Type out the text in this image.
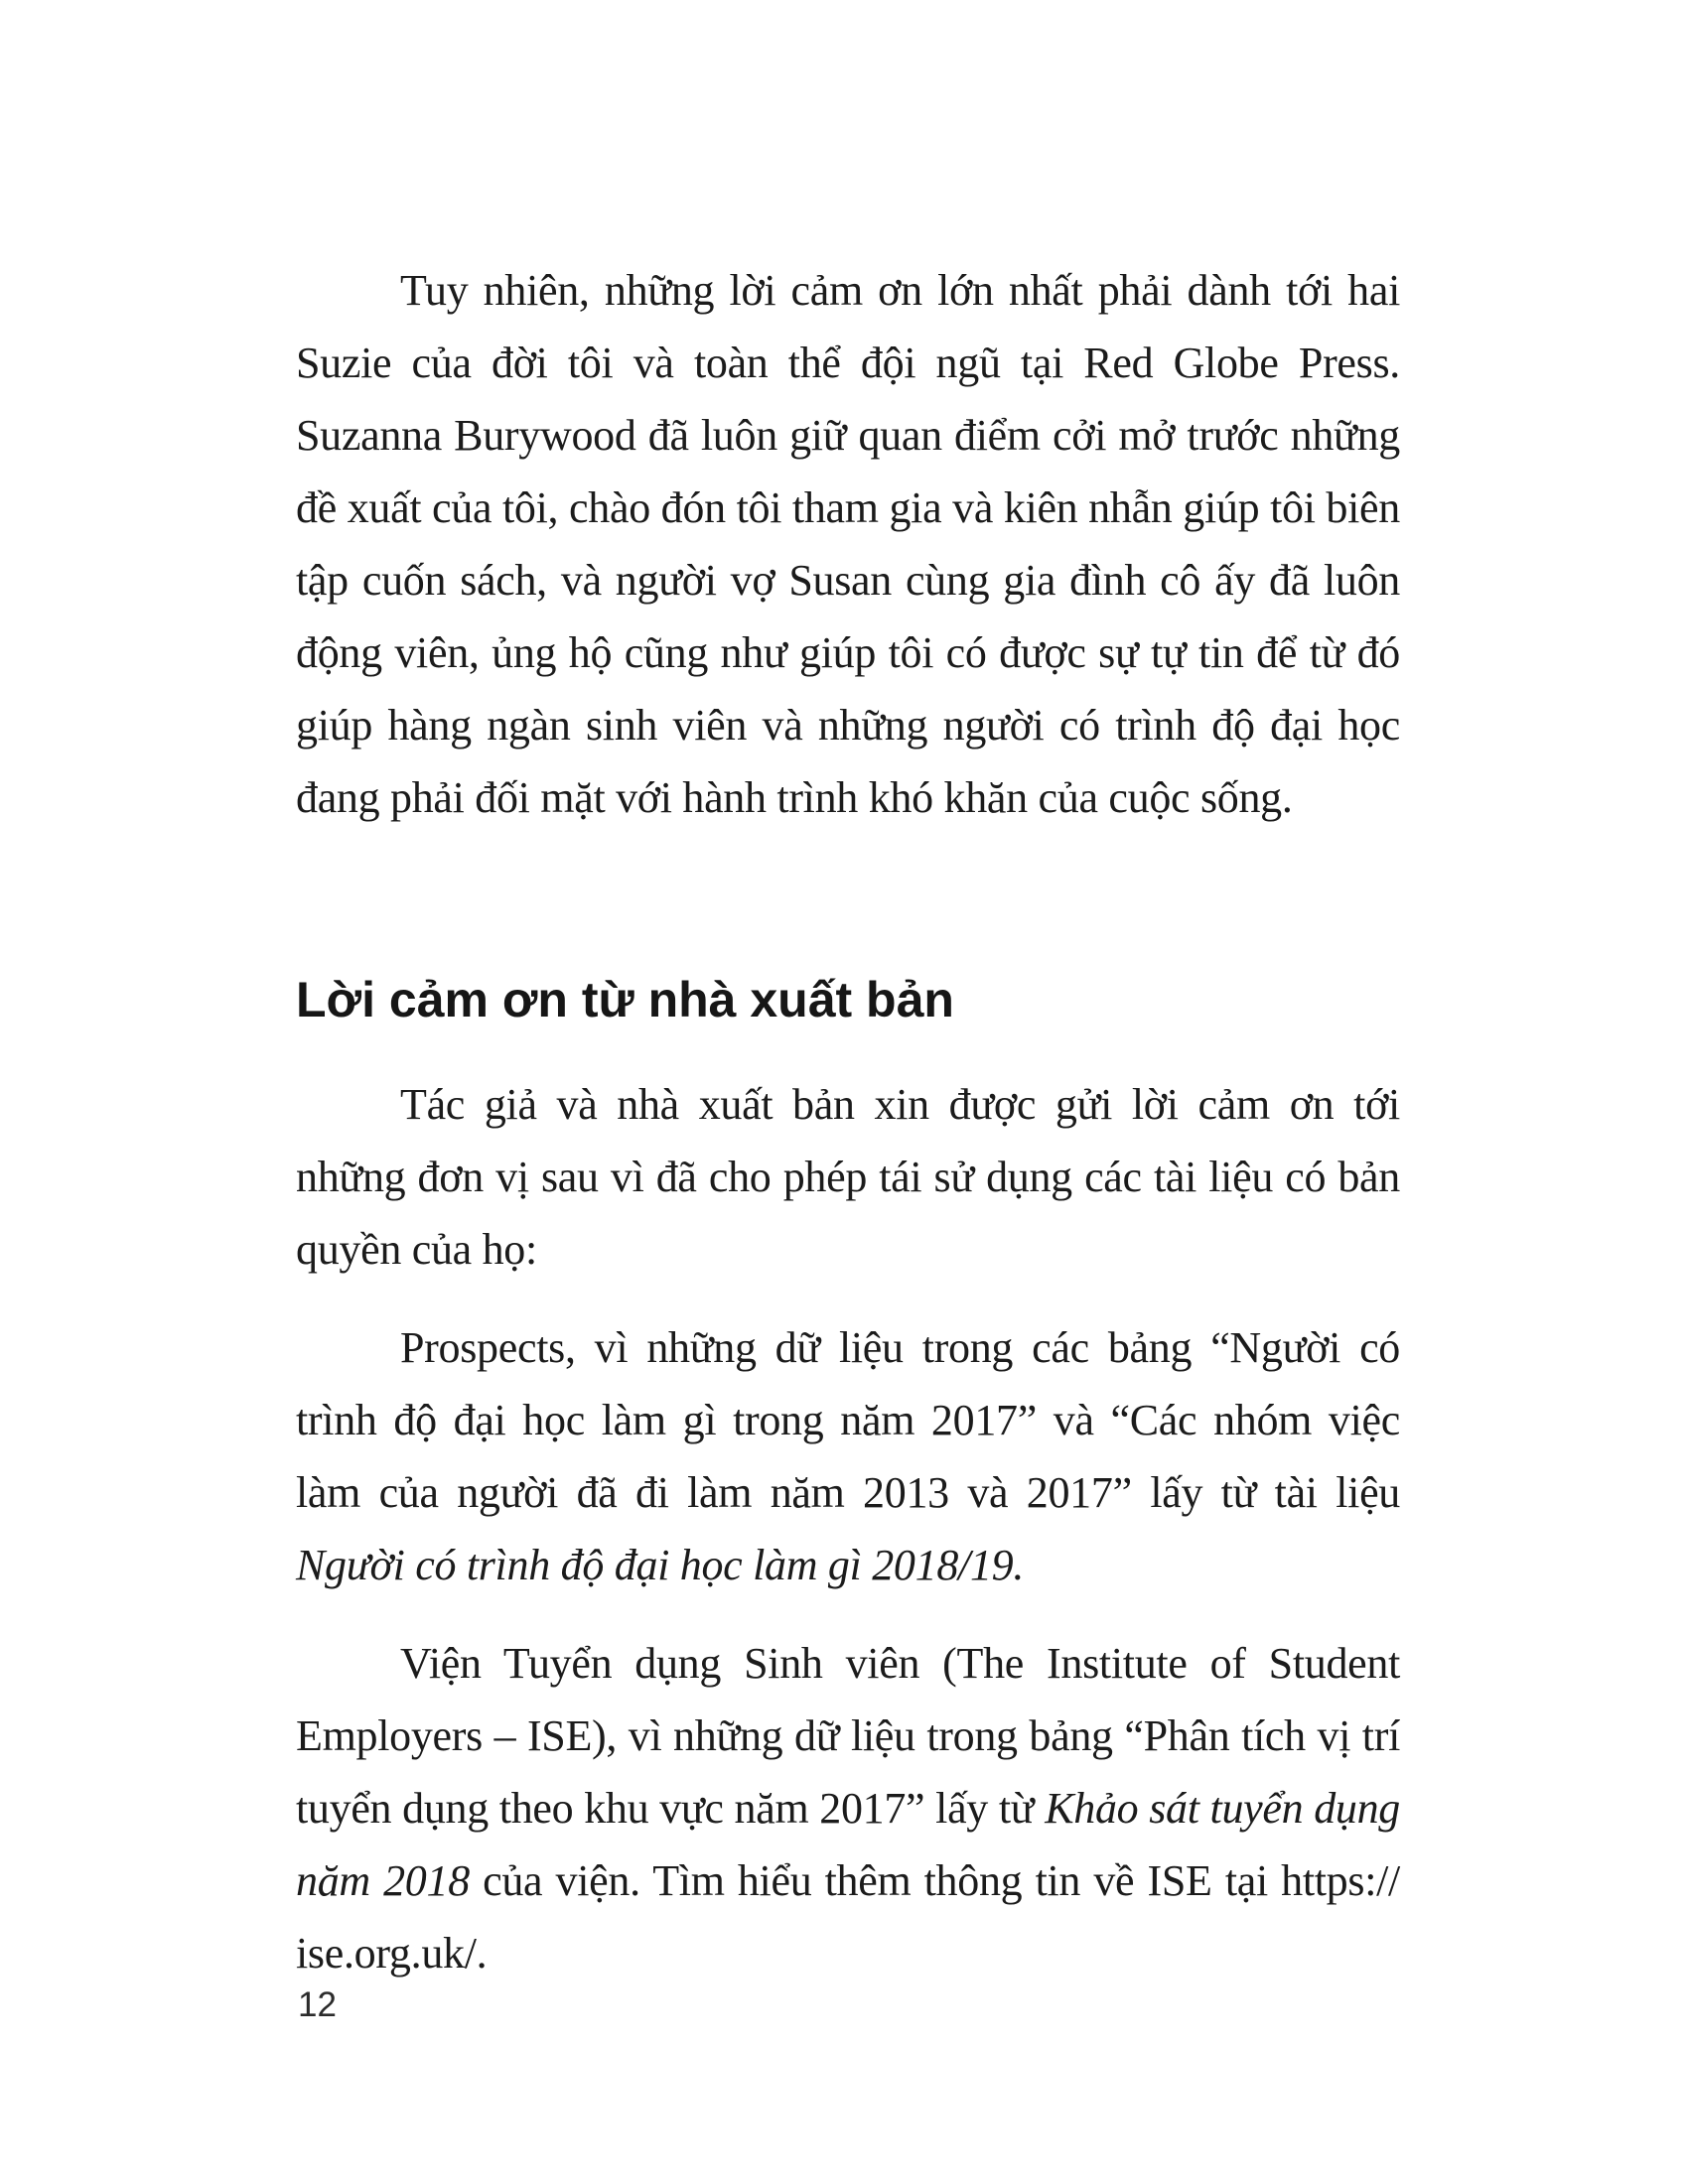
Tuy nhiên, những lời cảm ơn lớn nhất phải dành tới hai Suzie của đời tôi và toàn thể đội ngũ tại Red Globe Press. Suzanna Burywood đã luôn giữ quan điểm cởi mở trước những đề xuất của tôi, chào đón tôi tham gia và kiên nhẫn giúp tôi biên tập cuốn sách, và người vợ Susan cùng gia đình cô ấy đã luôn động viên, ủng hộ cũng như giúp tôi có được sự tự tin để từ đó giúp hàng ngàn sinh viên và những người có trình độ đại học đang phải đối mặt với hành trình khó khăn của cuộc sống.

Lời cảm ơn từ nhà xuất bản

Tác giả và nhà xuất bản xin được gửi lời cảm ơn tới những đơn vị sau vì đã cho phép tái sử dụng các tài liệu có bản quyền của họ:

Prospects, vì những dữ liệu trong các bảng “Người có trình độ đại học làm gì trong năm 2017” và “Các nhóm việc làm của người đã đi làm năm 2013 và 2017” lấy từ tài liệu Người có trình độ đại học làm gì 2018/19.

Viện Tuyển dụng Sinh viên (The Institute of Student Employers – ISE), vì những dữ liệu trong bảng “Phân tích vị trí tuyển dụng theo khu vực năm 2017” lấy từ Khảo sát tuyển dụng năm 2018 của viện. Tìm hiểu thêm thông tin về ISE tại https://ise.org.uk/.

12
